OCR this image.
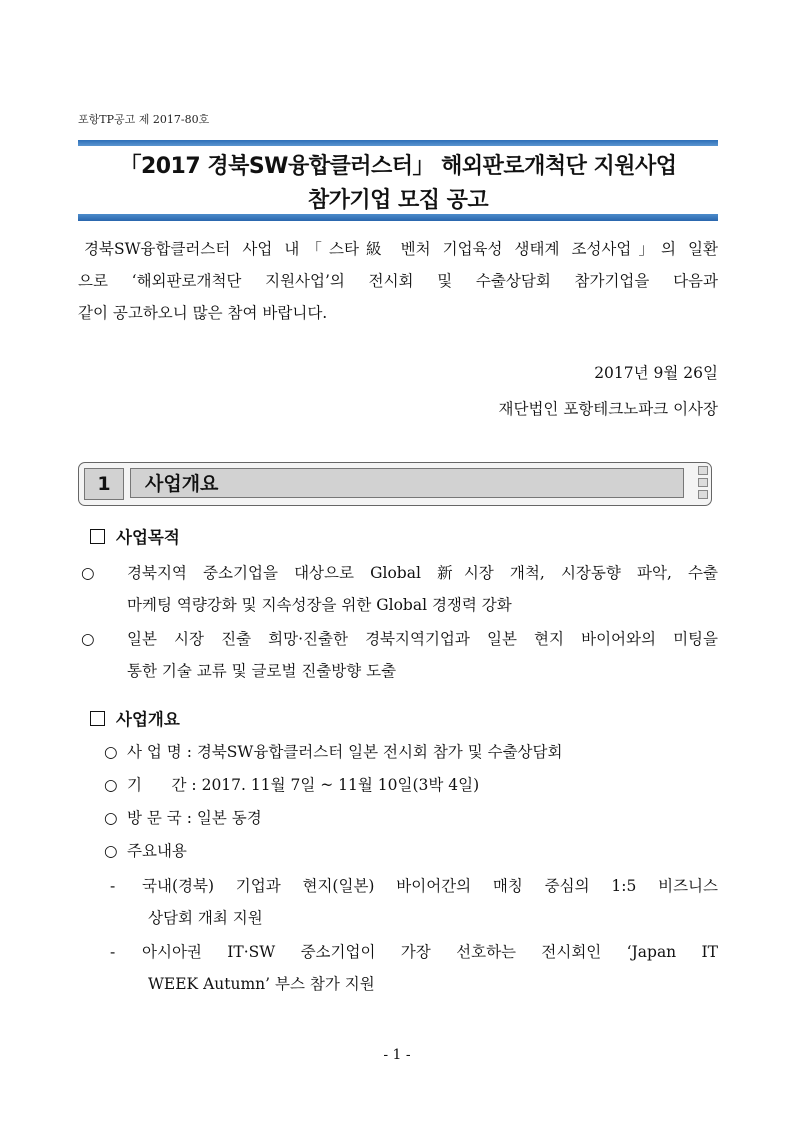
포항TP공고 제 2017-80호
「2017 경북SW융합클러스터」 해외판로개척단 지원사업
참가기업 모집 공고
경북SW융합클러스터 사업 내「스타級 벤처 기업육성 생태계 조성사업」의 일환
으로 ‘해외판로개척단 지원사업’의 전시회 및 수출상담회 참가기업을 다음과
같이 공고하오니 많은 참여 바랍니다.
2017년 9월 26일
재단법인 포항테크노파크 이사장
1	사업개요
사업목적
○ 경북지역 중소기업을 대상으로 Global 新시장 개척, 시장동향 파악, 수출
마케팅 역량강화 및 지속성장을 위한 Global 경쟁력 강화
○ 일본 시장 진출 희망·진출한 경북지역기업과 일본 현지 바이어와의 미팅을
통한 기술 교류 및 글로벌 진출방향 도출
사업개요
○ 사 업 명 : 경북SW융합클러스터 일본 전시회 참가 및 수출상담회
○ 기      간 : 2017. 11월 7일 ~ 11월 10일(3박 4일)
○ 방 문 국 : 일본 동경
○ 주요내용
- 국내(경북) 기업과 현지(일본) 바이어간의 매칭 중심의 1:5 비즈니스
상담회 개최 지원
- 아시아권 IT·SW 중소기업이 가장 선호하는 전시회인 ‘Japan IT
WEEK Autumn’ 부스 참가 지원
- 1 -
